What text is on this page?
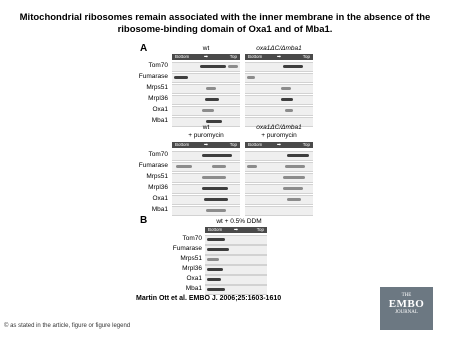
Mitochondrial ribosomes remain associated with the inner membrane in the absence of the
ribosome-binding domain of Oxa1 and of Mba1.
A	wt	oxa1ΔC/Δmba1
Bottom	➡	Top Bottom	➡	Top
Tom70
Fumarase
Mrps51
Mrpl36
Oxa1
Mba1
wt
+ puromycin
oxa1ΔC/Δmba1
+ puromycin
Bottom	➡	Top Bottom	➡	Top
Tom70
Fumarase
Mrps51
Mrpl36
Oxa1
Mba1
B	wt + 0.5% DDM
Bottom ➡	Top
Tom70
Fumarase
Mrps51
Mrpl36
Oxa1
Mba1
Martin Ott et al. EMBO J. 2006;25:1603-1610	THE
EMBO
JOURNAL
© as stated in the article, figure or figure legend
